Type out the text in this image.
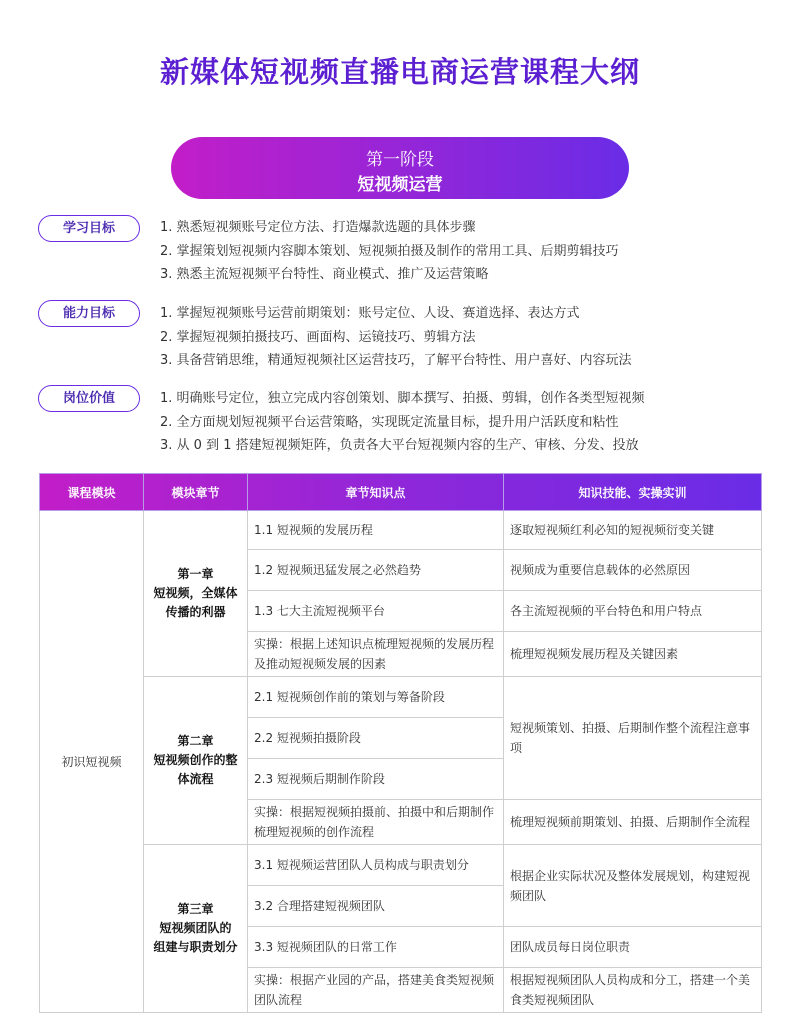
新媒体短视频直播电商运营课程大纲
第一阶段
短视频运营
学习目标	1. 熟悉短视频账号定位方法、打造爆款选题的具体步骤
2. 掌握策划短视频内容脚本策划、短视频拍摄及制作的常用工具、后期剪辑技巧
3. 熟悉主流短视频平台特性、商业模式、推广及运营策略
能力目标	1. 掌握短视频账号运营前期策划：账号定位、人设、赛道选择、表达方式
2. 掌握短视频拍摄技巧、画面构、运镜技巧、剪辑方法
3. 具备营销思维，精通短视频社区运营技巧，了解平台特性、用户喜好、内容玩法
岗位价值	1. 明确账号定位，独立完成内容创策划、脚本撰写、拍摄、剪辑，创作各类型短视频
2. 全方面规划短视频平台运营策略，实现既定流量目标，提升用户活跃度和粘性
3. 从 0 到 1 搭建短视频矩阵，负责各大平台短视频内容的生产、审核、分发、投放
课程模块	模块章节	章节知识点	知识技能、实操实训
初识短视频	第一章
短视频，全媒体
传播的利器	1.1 短视频的发展历程	逐取短视频红利必知的短视频衍变关键
		1.2 短视频迅猛发展之必然趋势	视频成为重要信息载体的必然原因
		1.3 七大主流短视频平台	各主流短视频的平台特色和用户特点
		实操：根据上述知识点梳理短视频的发展历程及推动短视频发展的因素	梳理短视频发展历程及关键因素
	第二章
短视频创作的整
体流程	2.1 短视频创作前的策划与筹备阶段	短视频策划、拍摄、后期制作整个流程注意事项
		2.2 短视频拍摄阶段	
		2.3 短视频后期制作阶段	
		实操：根据短视频拍摄前、拍摄中和后期制作梳理短视频的创作流程	梳理短视频前期策划、拍摄、后期制作全流程
	第三章
短视频团队的
组建与职责划分	3.1 短视频运营团队人员构成与职责划分	根据企业实际状况及整体发展规划，构建短视频团队
		3.2 合理搭建短视频团队	
		3.3 短视频团队的日常工作	团队成员每日岗位职责
		实操：根据产业园的产品，搭建美食类短视频团队流程	根据短视频团队人员构成和分工，搭建一个美食类短视频团队
